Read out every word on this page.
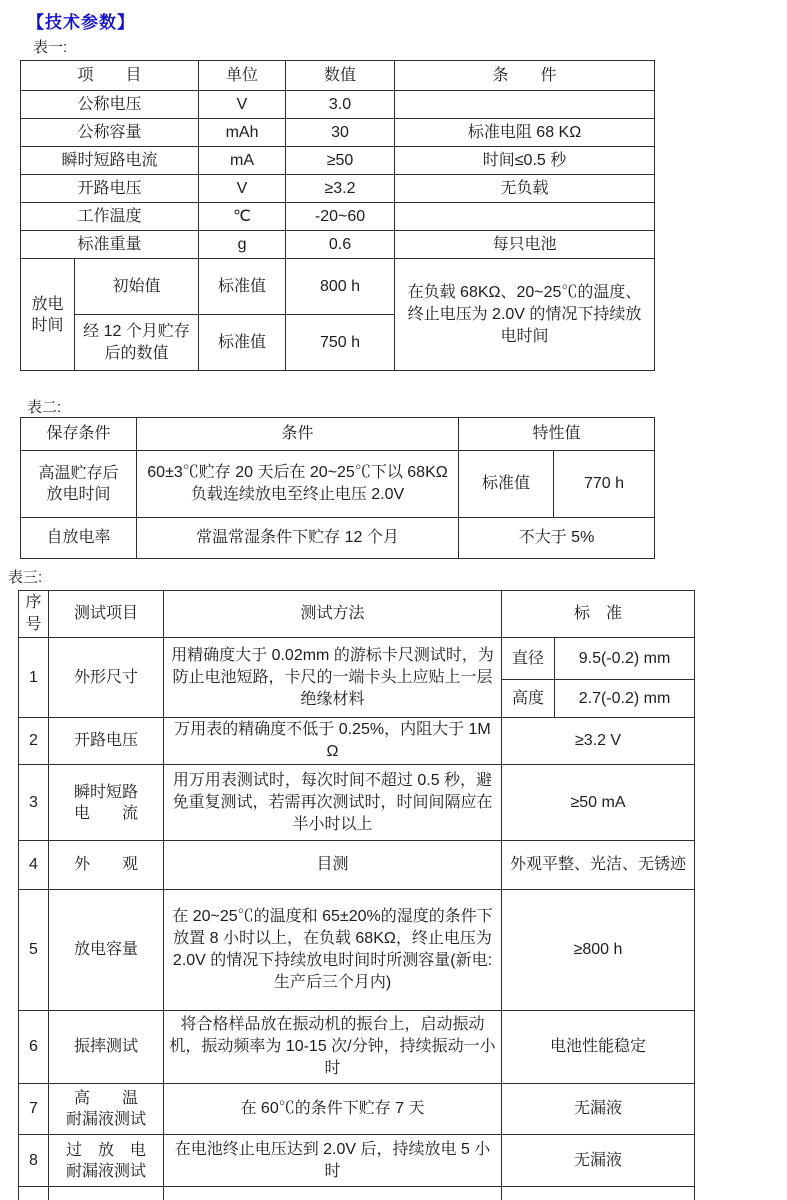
【技术参数】
表一:
项　　目		单位	数值	条　　件
公称电压		V	3.0	
公称容量		mAh	30	标准电阻 68 KΩ
瞬时短路电流		mA	≥50	时间≤0.5 秒
开路电压		V	≥3.2	无负载
工作温度		℃	-20~60	
标准重量		g	0.6	每只电池

放电
时间	初始值	标准值	800 h	在负载 68KΩ、20~25℃的温度、终止电压为 2.0V 的情况下持续放电时间
	经 12 个月贮存后的数值	标准值	750 h	
表二:
保存条件	条件	特性值	

高温贮存后
放电时间	60±3℃贮存 20 天后在 20~25℃下以 68KΩ 负载连续放电至终止电压 2.0V	标准值	770 h
自放电率	常温常湿条件下贮存 12 个月	不大于 5%	
表三:
序号	测试项目	测试方法	标　准	
1	外形尺寸	用精确度大于 0.02mm 的游标卡尺测试时，为防止电池短路，卡尺的一端卡头上应贴上一层绝缘材料	直径	9.5(-0.2) mm
			高度	2.7(-0.2) mm
2	开路电压	万用表的精确度不低于 0.25%，内阻大于 1MΩ	≥3.2 V	
3	瞬时短路
电　　流	用万用表测试时，每次时间不超过 0.5 秒，避免重复测试，若需再次测试时，时间间隔应在半小时以上	≥50 mA	
4	外　　观	目测	外观平整、光洁、无锈迹	
5	放电容量	在 20~25℃的温度和 65±20%的湿度的条件下放置 8 小时以上，在负载 68KΩ，终止电压为 2.0V 的情况下持续放电时间时所测容量(新电:生产后三个月内)	≥800 h	
6	振摔测试	将合格样品放在振动机的振台上，启动振动机，振动频率为 10-15 次/分钟，持续振动一小时	电池性能稳定	
7	高　　温
耐漏液测试	在 60℃的条件下贮存 7 天	无漏液	
8	过　放　电
耐漏液测试	在电池终止电压达到 2.0V 后，持续放电 5 小时	无漏液	
